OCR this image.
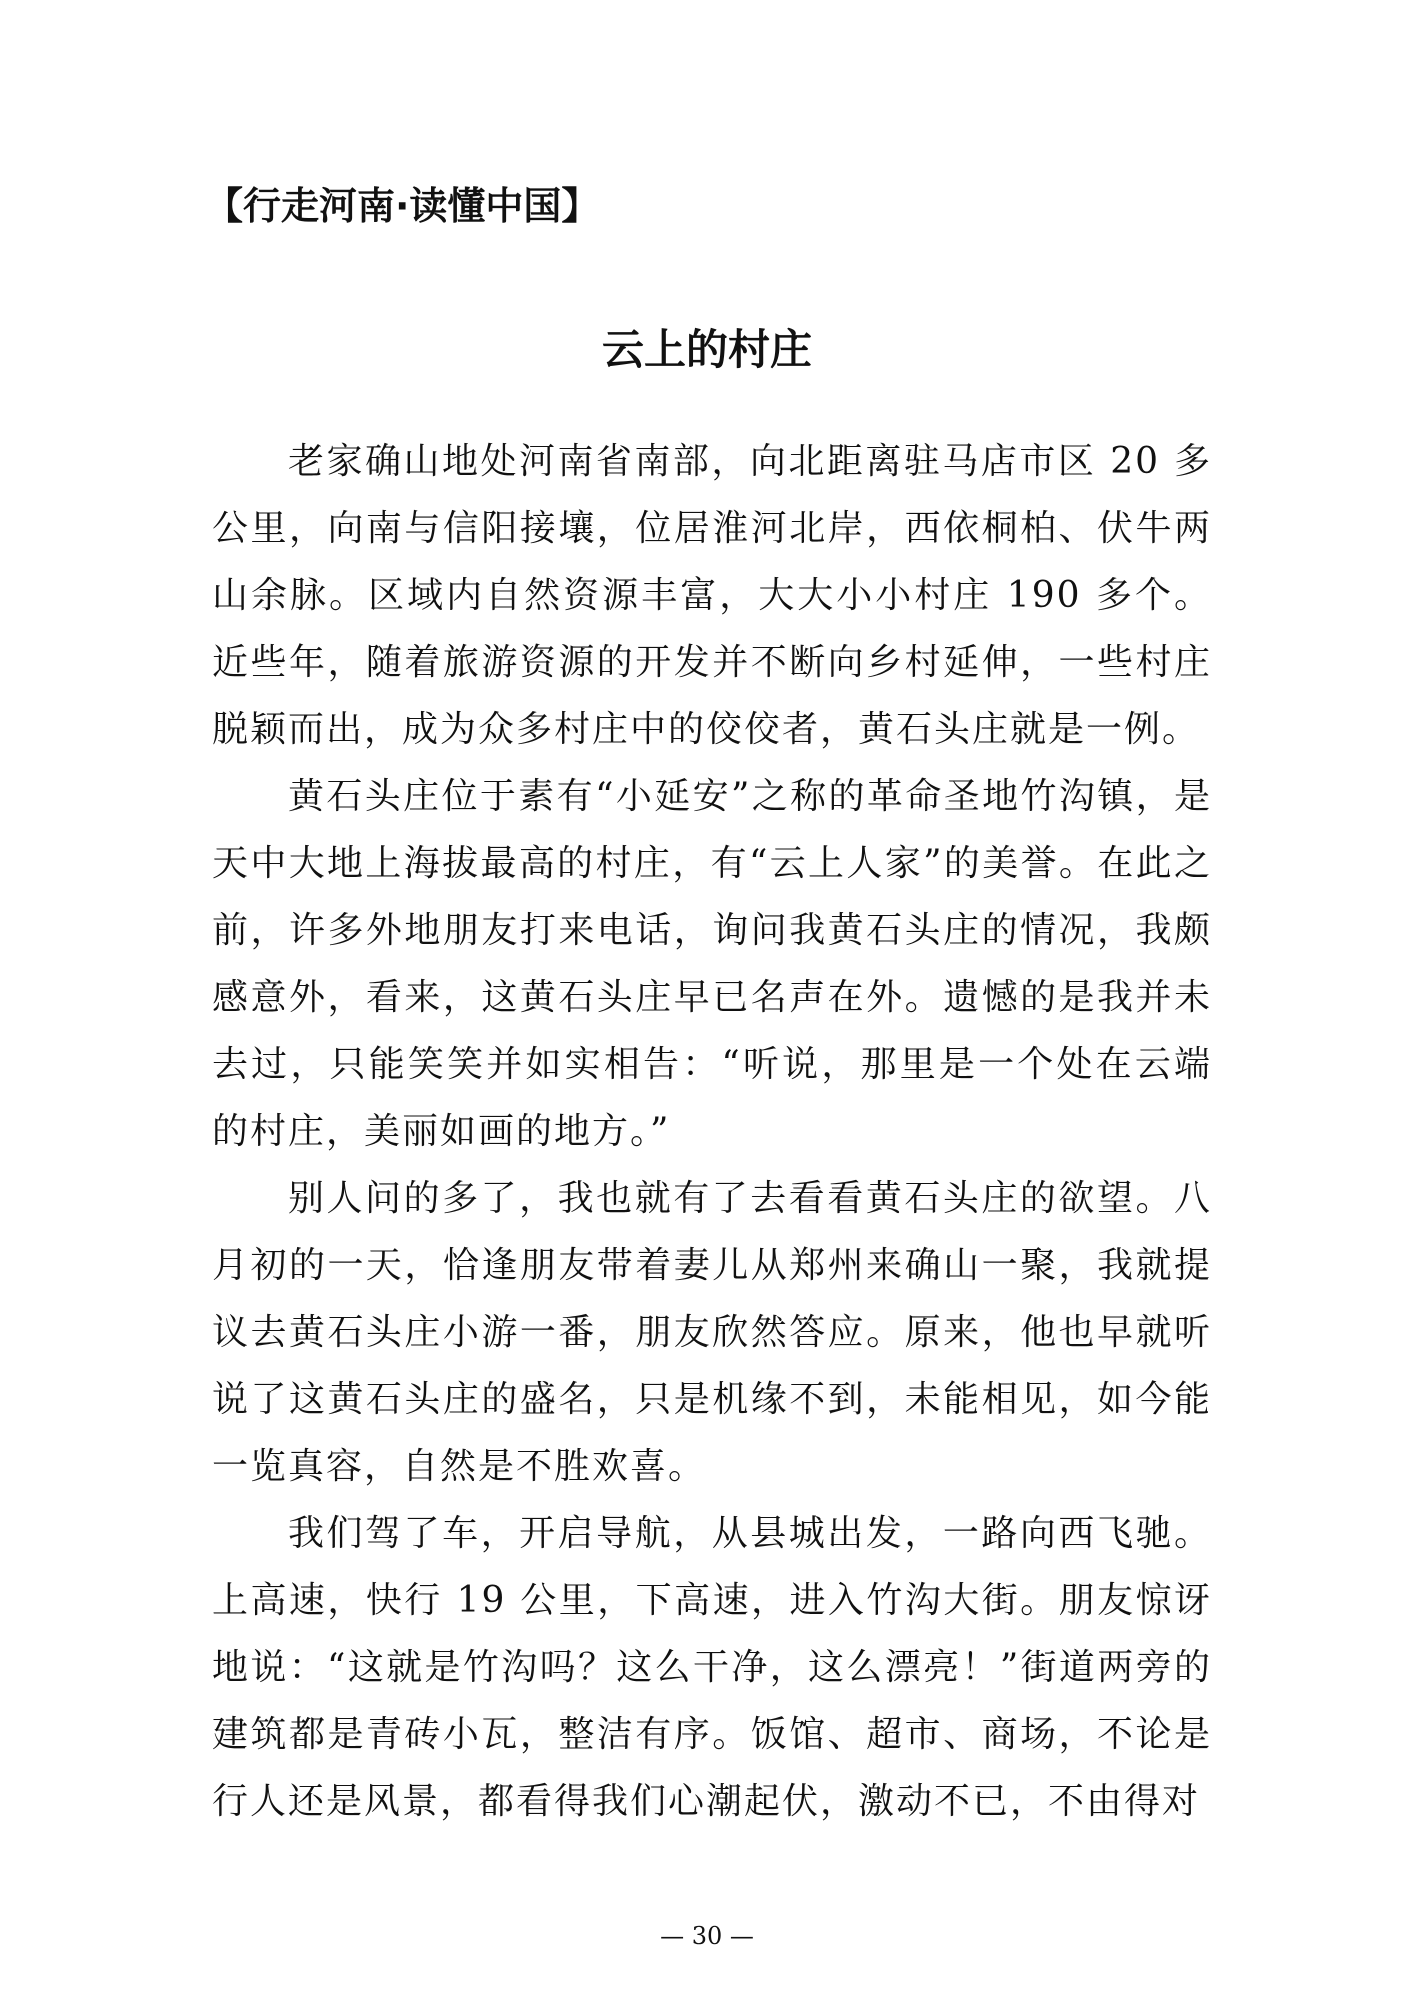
【行走河南·读懂中国】
云上的村庄

老家确山地处河南省南部，向北距离驻马店市区 20 多公里，向南与信阳接壤，位居淮河北岸，西依桐柏、伏牛两山余脉。区域内自然资源丰富，大大小小村庄 190 多个。近些年，随着旅游资源的开发并不断向乡村延伸，一些村庄脱颖而出，成为众多村庄中的佼佼者，黄石头庄就是一例。

黄石头庄位于素有“小延安”之称的革命圣地竹沟镇，是天中大地上海拔最高的村庄，有“云上人家”的美誉。在此之前，许多外地朋友打来电话，询问我黄石头庄的情况，我颇感意外，看来，这黄石头庄早已名声在外。遗憾的是我并未去过，只能笑笑并如实相告：“听说，那里是一个处在云端的村庄，美丽如画的地方。”

别人问的多了，我也就有了去看看黄石头庄的欲望。八月初的一天，恰逢朋友带着妻儿从郑州来确山一聚，我就提议去黄石头庄小游一番，朋友欣然答应。原来，他也早就听说了这黄石头庄的盛名，只是机缘不到，未能相见，如今能一览真容，自然是不胜欢喜。

我们驾了车，开启导航，从县城出发，一路向西飞驰。上高速，快行 19 公里，下高速，进入竹沟大街。朋友惊讶地说：“这就是竹沟吗？这么干净，这么漂亮！”街道两旁的建筑都是青砖小瓦，整洁有序。饭馆、超市、商场，不论是行人还是风景，都看得我们心潮起伏，激动不已，不由得对

— 30 —
